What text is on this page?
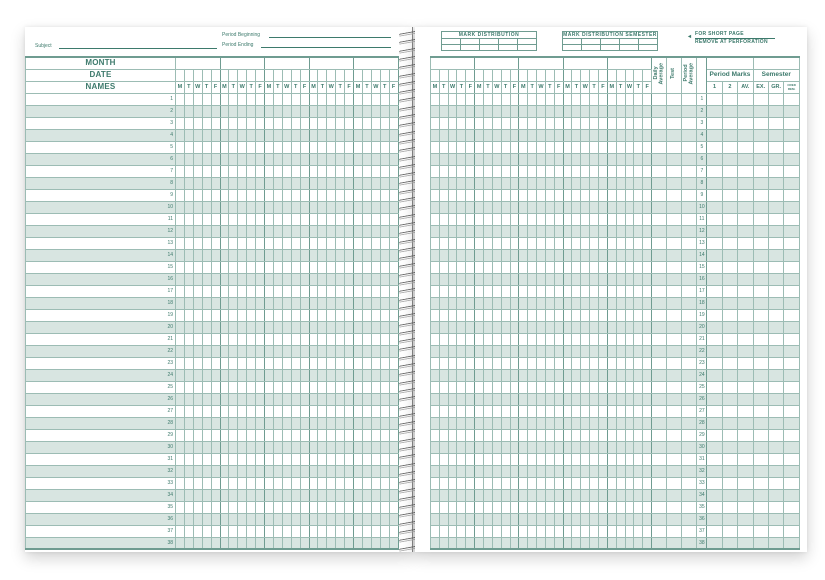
Subject
Period Beginning
Period Ending
MONTH																									
DATE																									
NAMES	M	T	W	T	F	M	T	W	T	F	M	T	W	T	F	M	T	W	T	F	M	T	W	T	F
1																									
2																									
3																									
4																									
5																									
6																									
7																									
8																									
9																									
10																									
11																									
12																									
13																									
14																									
15																									
16																									
17																									
18																									
19																									
20																									
21																									
22																									
23																									
24																									
25																									
26																									
27																									
28																									
29																									
30																									
31																									
32																									
33																									
34																									
35																									
36																									
37																									
38																									
MARK DISTRIBUTION				

					MARK DISTRIBUTION SEMESTER				

																									Daily Average	Test	Period Average							
																													Period Marks			Semester		
M	T	W	T	F	M	T	W	T	F	M	T	W	T	F	M	T	W	T	F	M	T	W	T	F					1	2	AV.	EX.	GR.	CRED REM.
																												1						
																												2						
																												3						
																												4						
																												5						
																												6						
																												7						
																												8						
																												9						
																												10						
																												11						
																												12						
																												13						
																												14						
																												15						
																												16						
																												17						
																												18						
																												19						
																												20						
																												21						
																												22						
																												23						
																												24						
																												25						
																												26						
																												27						
																												28						
																												29						
																												30						
																												31						
																												32						
																												33						
																												34						
																												35						
																												36						
																												37						
																												38						
◂ FOR SHORT PAGE
REMOVE AT PERFORATION
